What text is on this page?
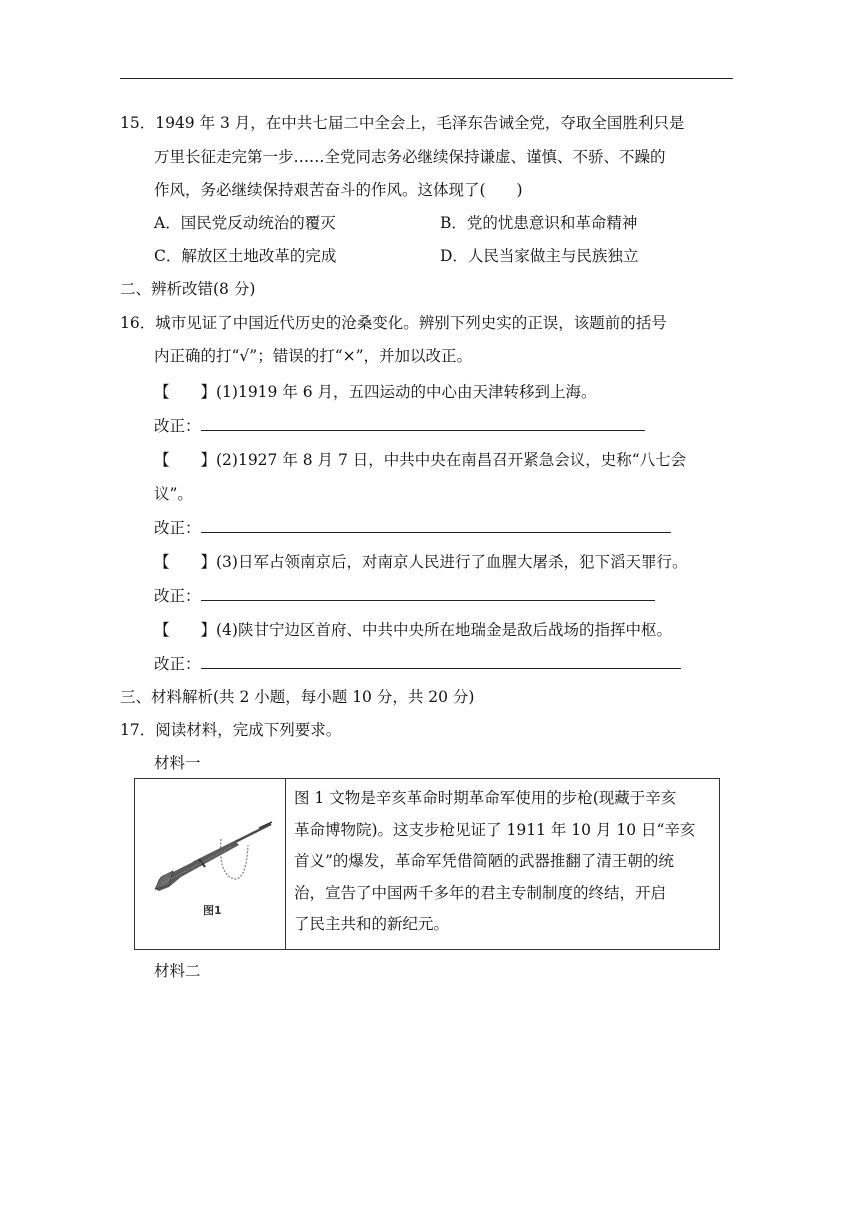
15．1949 年 3 月，在中共七届二中全会上，毛泽东告诫全党，夺取全国胜利只是
万里长征走完第一步……全党同志务必继续保持谦虚、谨慎、不骄、不躁的
作风，务必继续保持艰苦奋斗的作风。这体现了(　　)
A．国民党反动统治的覆灭	B．党的忧患意识和革命精神
C．解放区土地改革的完成	D．人民当家做主与民族独立
二、辨析改错(8 分)
16．城市见证了中国近代历史的沧桑变化。辨别下列史实的正误，该题前的括号
内正确的打“√”；错误的打“×”，并加以改正。
【　　】(1)1919 年 6 月，五四运动的中心由天津转移到上海。
改正：
【　　】(2)1927 年 8 月 7 日，中共中央在南昌召开紧急会议，史称“八七会
议”。
改正：
【　　】(3)日军占领南京后，对南京人民进行了血腥大屠杀，犯下滔天罪行。
改正：
【　　】(4)陕甘宁边区首府、中共中央所在地瑞金是敌后战场的指挥中枢。
改正：
三、材料解析(共 2 小题，每小题 10 分，共 20 分)
17．阅读材料，完成下列要求。
材料一
图1
图 1 文物是辛亥革命时期革命军使用的步枪(现藏于辛亥
革命博物院)。这支步枪见证了 1911 年 10 月 10 日“辛亥
首义”的爆发，革命军凭借简陋的武器推翻了清王朝的统
治，宣告了中国两千多年的君主专制制度的终结，开启
了民主共和的新纪元。
材料二
